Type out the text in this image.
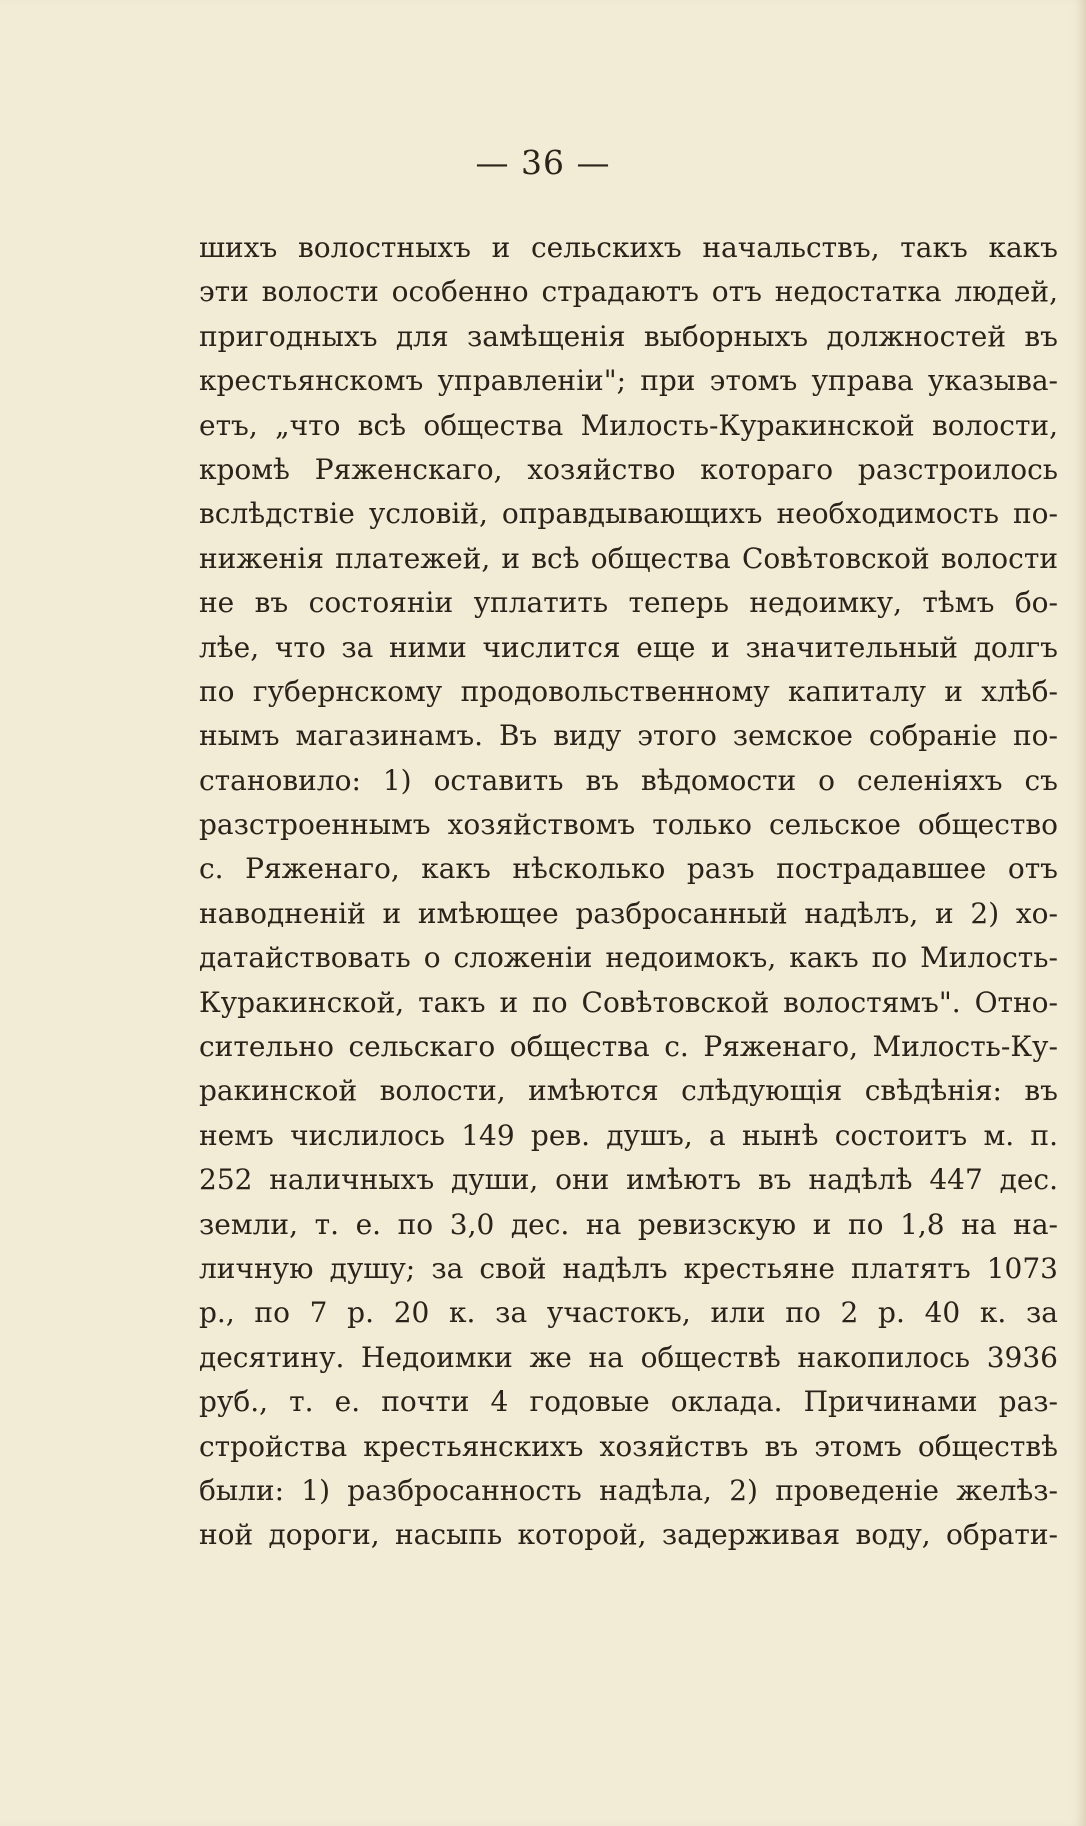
— 36 —
шихъ волостныхъ и сельскихъ начальствъ, такъ какъ
эти волости особенно страдаютъ отъ недостатка людей,
пригодныхъ для замѣщенія выборныхъ должностей въ
крестьянскомъ управленіи"; при этомъ управа указыва-
етъ, „что всѣ общества Милость-Куракинской волости,
кромѣ Ряженскаго, хозяйство котораго разстроилось
вслѣдствіе условій, оправдывающихъ необходимость по-
ниженія платежей, и всѣ общества Совѣтовской волости
не въ состояніи уплатить теперь недоимку, тѣмъ бо-
лѣе, что за ними числится еще и значительный долгъ
по губернскому продовольственному капиталу и хлѣб-
нымъ магазинамъ. Въ виду этого земское собраніе по-
становило: 1) оставить въ вѣдомости о селеніяхъ съ
разстроеннымъ хозяйствомъ только сельское общество
с. Ряженаго, какъ нѣсколько разъ пострадавшее отъ
наводненій и имѣющее разбросанный надѣлъ, и 2) хо-
датайствовать о сложеніи недоимокъ, какъ по Милость-
Куракинской, такъ и по Совѣтовской волостямъ". Отно-
сительно сельскаго общества с. Ряженаго, Милость-Ку-
ракинской волости, имѣются слѣдующія свѣдѣнія: въ
немъ числилось 149 рев. душъ, а нынѣ состоитъ м. п.
252 наличныхъ души, они имѣютъ въ надѣлѣ 447 дес.
земли, т. е. по 3,0 дес. на ревизскую и по 1,8 на на-
личную душу; за свой надѣлъ крестьяне платятъ 1073
р., по 7 р. 20 к. за участокъ, или по 2 р. 40 к. за
десятину. Недоимки же на обществѣ накопилось 3936
руб., т. е. почти 4 годовые оклада. Причинами раз-
стройства крестьянскихъ хозяйствъ въ этомъ обществѣ
были: 1) разбросанность надѣла, 2) проведеніе желѣз-
ной дороги, насыпь которой, задерживая воду, обрати-
